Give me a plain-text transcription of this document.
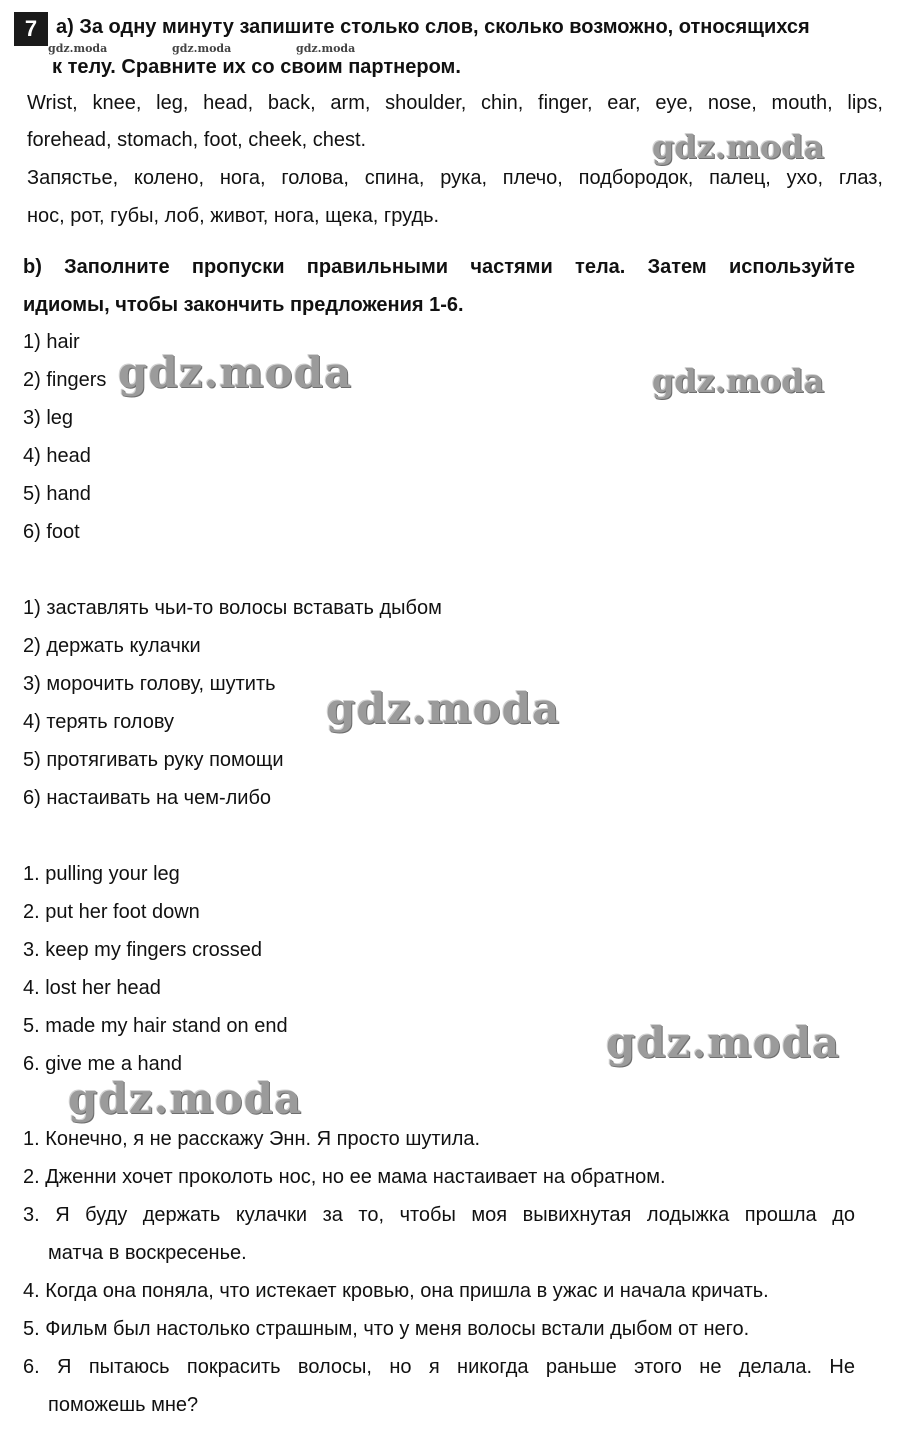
7 a) За одну минуту запишите столько слов, сколько возможно, относящихся
к телу. Сравните их со своим партнером.
Wrist, knee, leg, head, back, arm, shoulder, chin, finger, ear, eye, nose, mouth, lips,
forehead, stomach, foot, cheek, chest.
Запястье, колено, нога, голова, спина, рука, плечо, подбородок, палец, ухо, глаз,
нос, рот, губы, лоб, живот, нога, щека, грудь.
b) Заполните пропуски правильными частями тела. Затем используйте
идиомы, чтобы закончить предложения 1-6.
1) hair
2) fingers
3) leg
4) head
5) hand
6) foot
1) заставлять чьи-то волосы вставать дыбом
2) держать кулачки
3) морочить голову, шутить
4) терять голову
5) протягивать руку помощи
6) настаивать на чем-либо
1. pulling your leg
2. put her foot down
3. keep my fingers crossed
4. lost her head
5. made my hair stand on end
6. give me a hand
1. Конечно, я не расскажу Энн. Я просто шутила.
2. Дженни хочет проколоть нос, но ее мама настаивает на обратном.
3. Я буду держать кулачки за то, чтобы моя вывихнутая лодыжка прошла до
матча в воскресенье.
4. Когда она поняла, что истекает кровью, она пришла в ужас и начала кричать.
5. Фильм был настолько страшным, что у меня волосы встали дыбом от него.
6. Я пытаюсь покрасить волосы, но я никогда раньше этого не делала. Не
поможешь мне?
gdz.moda	gdz.moda	gdz.moda
gdz.moda
gdz.moda	gdz.moda
gdz.moda
gdz.moda
gdz.moda
